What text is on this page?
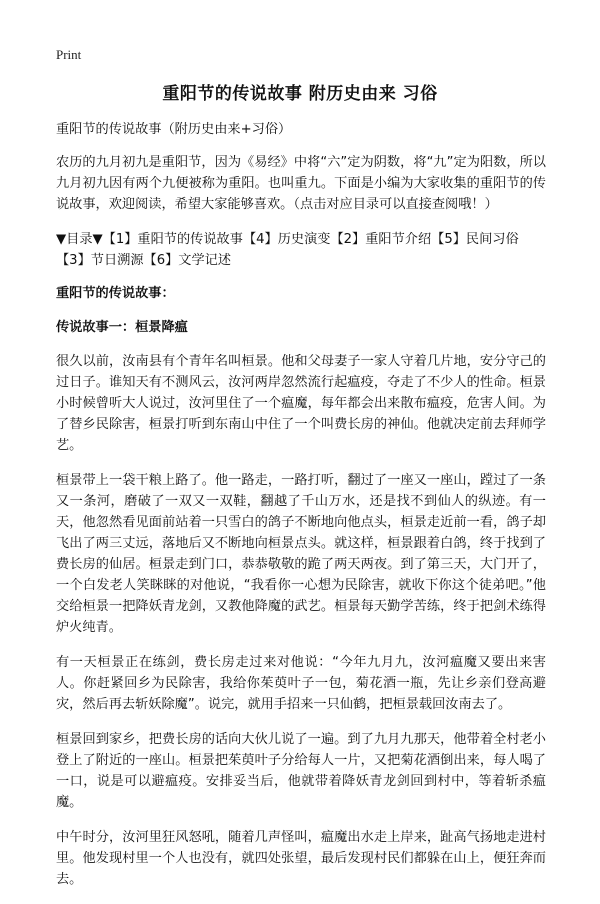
Print
重阳节的传说故事 附历史由来 习俗

重阳节的传说故事（附历史由来+习俗）

农历的九月初九是重阳节，因为《易经》中将“六”定为阴数，将“九”定为阳数，所以九月初九因有两个九便被称为重阳。也叫重九。下面是小编为大家收集的重阳节的传说故事，欢迎阅读，希望大家能够喜欢。（点击对应目录可以直接查阅哦！）

▼目录▼【1】重阳节的传说故事【4】历史演变【2】重阳节介绍【5】民间习俗【3】节日溯源【6】文学记述
重阳节的传说故事：
传说故事一：桓景降瘟

很久以前，汝南县有个青年名叫桓景。他和父母妻子一家人守着几片地，安分守己的过日子。谁知天有不测风云，汝河两岸忽然流行起瘟疫，夺走了不少人的性命。桓景小时候曾听大人说过，汝河里住了一个瘟魔，每年都会出来散布瘟疫，危害人间。为了替乡民除害，桓景打听到东南山中住了一个叫费长房的神仙。他就决定前去拜师学艺。

桓景带上一袋干粮上路了。他一路走，一路打听，翻过了一座又一座山，蹚过了一条又一条河，磨破了一双又一双鞋，翻越了千山万水，还是找不到仙人的纵迹。有一天，他忽然看见面前站着一只雪白的鸽子不断地向他点头，桓景走近前一看，鸽子却飞出了两三丈远，落地后又不断地向桓景点头。就这样，桓景跟着白鸽，终于找到了费长房的仙居。桓景走到门口，恭恭敬敬的跪了两天两夜。到了第三天，大门开了，一个白发老人笑眯眯的对他说，“我看你一心想为民除害，就收下你这个徒弟吧。”他交给桓景一把降妖青龙剑，又教他降魔的武艺。桓景每天勤学苦练，终于把剑术练得炉火纯青。

有一天桓景正在练剑，费长房走过来对他说：“今年九月九，汝河瘟魔又要出来害人。你赶紧回乡为民除害，我给你茱萸叶子一包，菊花酒一瓶，先让乡亲们登高避灾，然后再去斩妖除魔”。说完，就用手招来一只仙鹤，把桓景载回汝南去了。

桓景回到家乡，把费长房的话向大伙儿说了一遍。到了九月九那天，他带着全村老小登上了附近的一座山。桓景把茱萸叶子分给每人一片，又把菊花酒倒出来，每人喝了一口，说是可以避瘟疫。安排妥当后，他就带着降妖青龙剑回到村中，等着斩杀瘟魔。

中午时分，汝河里狂风怒吼，随着几声怪叫，瘟魔出水走上岸来，趾高气扬地走进村里。他发现村里一个人也没有，就四处张望，最后发现村民们都躲在山上，便狂奔而去。
